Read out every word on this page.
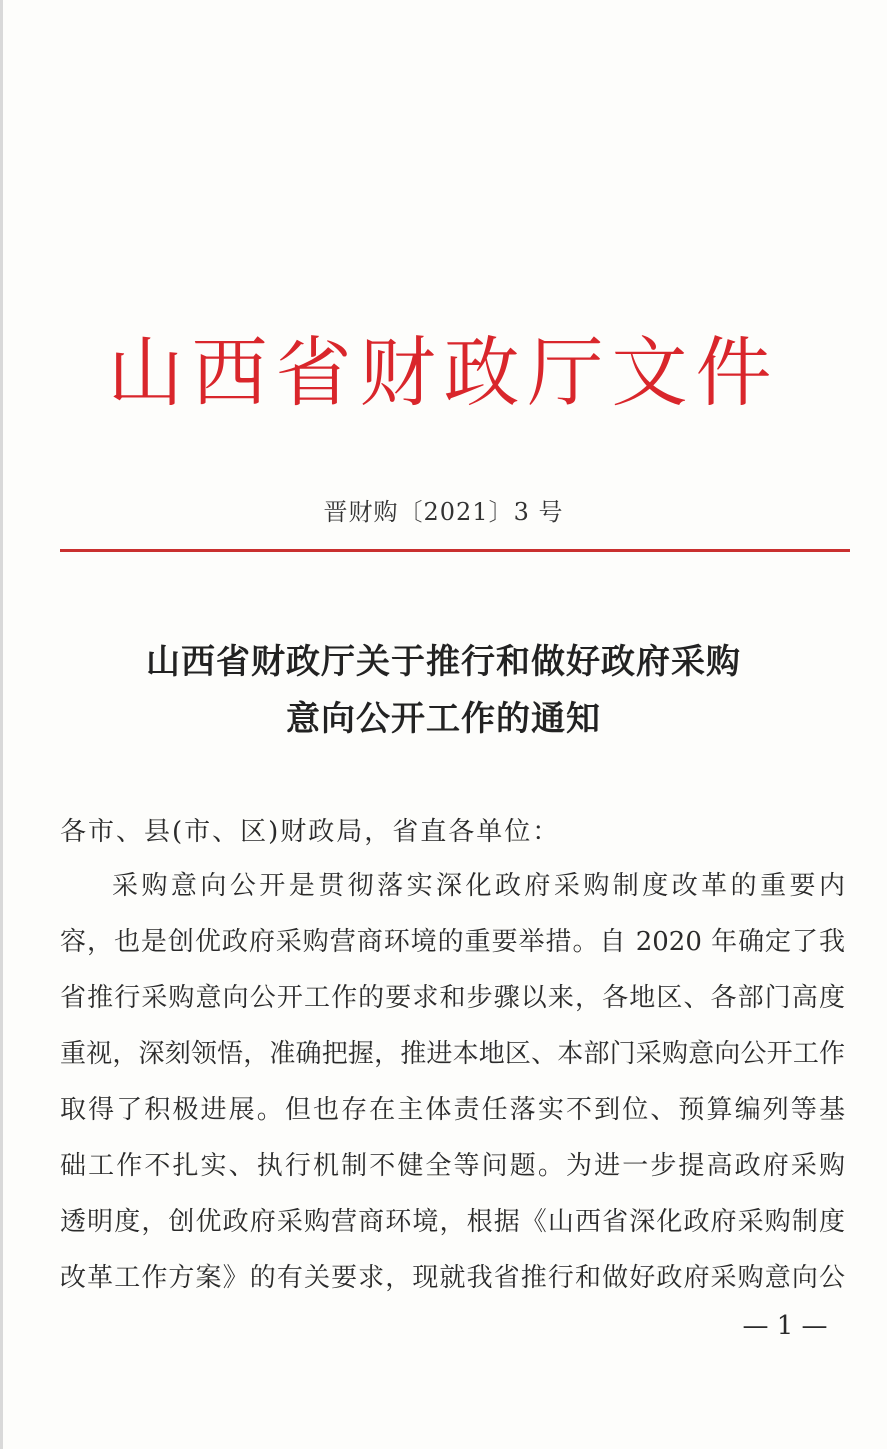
山西省财政厅文件
晋财购〔2021〕3 号
山西省财政厅关于推行和做好政府采购
意向公开工作的通知
各市、县(市、区)财政局，省直各单位：
采购意向公开是贯彻落实深化政府采购制度改革的重要内
容，也是创优政府采购营商环境的重要举措。自 2020 年确定了我
省推行采购意向公开工作的要求和步骤以来，各地区、各部门高度
重视，深刻领悟，准确把握，推进本地区、本部门采购意向公开工作
取得了积极进展。但也存在主体责任落实不到位、预算编列等基
础工作不扎实、执行机制不健全等问题。为进一步提高政府采购
透明度，创优政府采购营商环境，根据《山西省深化政府采购制度
改革工作方案》的有关要求，现就我省推行和做好政府采购意向公
— 1 —
